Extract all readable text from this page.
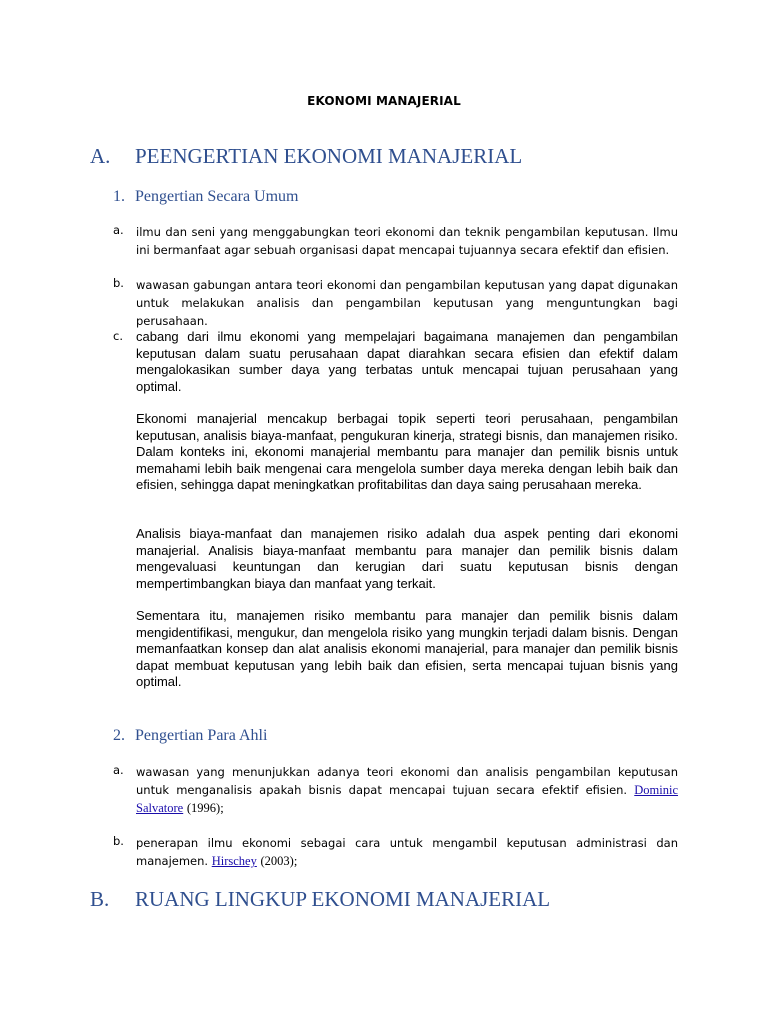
EKONOMI MANAJERIAL
A. PEENGERTIAN EKONOMI MANAJERIAL
1. Pengertian Secara Umum
a. ilmu dan seni yang menggabungkan teori ekonomi dan teknik pengambilan keputusan. Ilmu ini bermanfaat agar sebuah organisasi dapat mencapai tujuannya secara efektif dan efisien.
b. wawasan gabungan antara teori ekonomi dan pengambilan keputusan yang dapat digunakan untuk melakukan analisis dan pengambilan keputusan yang menguntungkan bagi perusahaan.
c. cabang dari ilmu ekonomi yang mempelajari bagaimana manajemen dan pengambilan keputusan dalam suatu perusahaan dapat diarahkan secara efisien dan efektif dalam mengalokasikan sumber daya yang terbatas untuk mencapai tujuan perusahaan yang optimal.
Ekonomi manajerial mencakup berbagai topik seperti teori perusahaan, pengambilan keputusan, analisis biaya-manfaat, pengukuran kinerja, strategi bisnis, dan manajemen risiko. Dalam konteks ini, ekonomi manajerial membantu para manajer dan pemilik bisnis untuk memahami lebih baik mengenai cara mengelola sumber daya mereka dengan lebih baik dan efisien, sehingga dapat meningkatkan profitabilitas dan daya saing perusahaan mereka.
Analisis biaya-manfaat dan manajemen risiko adalah dua aspek penting dari ekonomi manajerial. Analisis biaya-manfaat membantu para manajer dan pemilik bisnis dalam mengevaluasi keuntungan dan kerugian dari suatu keputusan bisnis dengan mempertimbangkan biaya dan manfaat yang terkait.
Sementara itu, manajemen risiko membantu para manajer dan pemilik bisnis dalam mengidentifikasi, mengukur, dan mengelola risiko yang mungkin terjadi dalam bisnis. Dengan memanfaatkan konsep dan alat analisis ekonomi manajerial, para manajer dan pemilik bisnis dapat membuat keputusan yang lebih baik dan efisien, serta mencapai tujuan bisnis yang optimal.
2. Pengertian Para Ahli
a. wawasan yang menunjukkan adanya teori ekonomi dan analisis pengambilan keputusan untuk menganalisis apakah bisnis dapat mencapai tujuan secara efektif efisien. Dominic Salvatore (1996);
b. penerapan ilmu ekonomi sebagai cara untuk mengambil keputusan administrasi dan manajemen. Hirschey (2003);
B. RUANG LINGKUP EKONOMI MANAJERIAL
